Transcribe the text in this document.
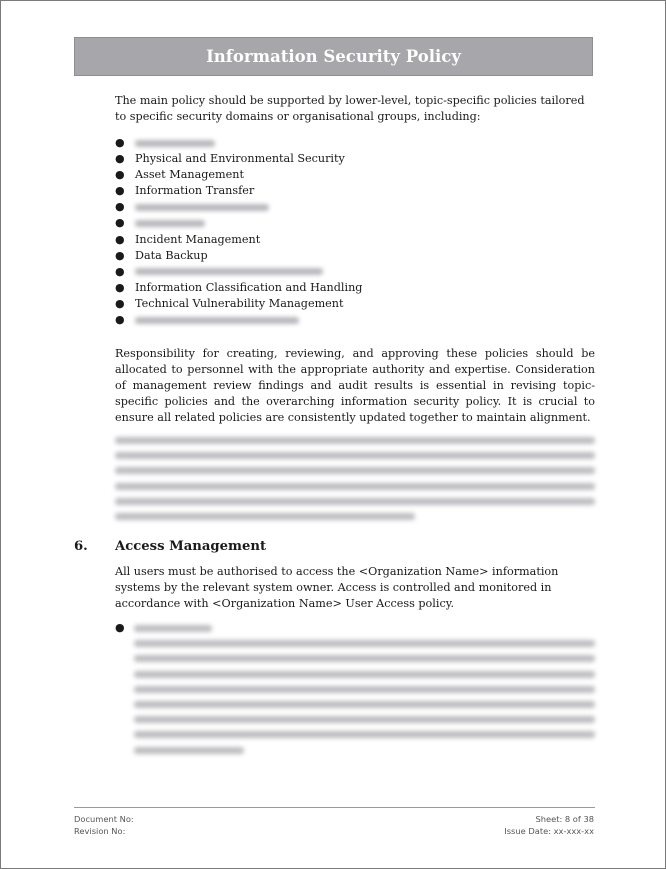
Information Security Policy
The main policy should be supported by lower-level, topic-specific policies tailored to specific security domains or organisational groups, including:
●
● Physical and Environmental Security
● Asset Management
● Information Transfer
●
●
● Incident Management
● Data Backup
●
● Information Classification and Handling
● Technical Vulnerability Management
●
Responsibility for creating, reviewing, and approving these policies should be allocated to personnel with the appropriate authority and expertise. Consideration of management review findings and audit results is essential in revising topic-specific policies and the overarching information security policy. It is crucial to ensure all related policies are consistently updated together to maintain alignment.
6. Access Management
All users must be authorised to access the <Organization Name> information systems by the relevant system owner. Access is controlled and monitored in accordance with <Organization Name> User Access policy.
●
Document No:
Revision No:
Sheet: 8 of 38
Issue Date: xx-xxx-xx
